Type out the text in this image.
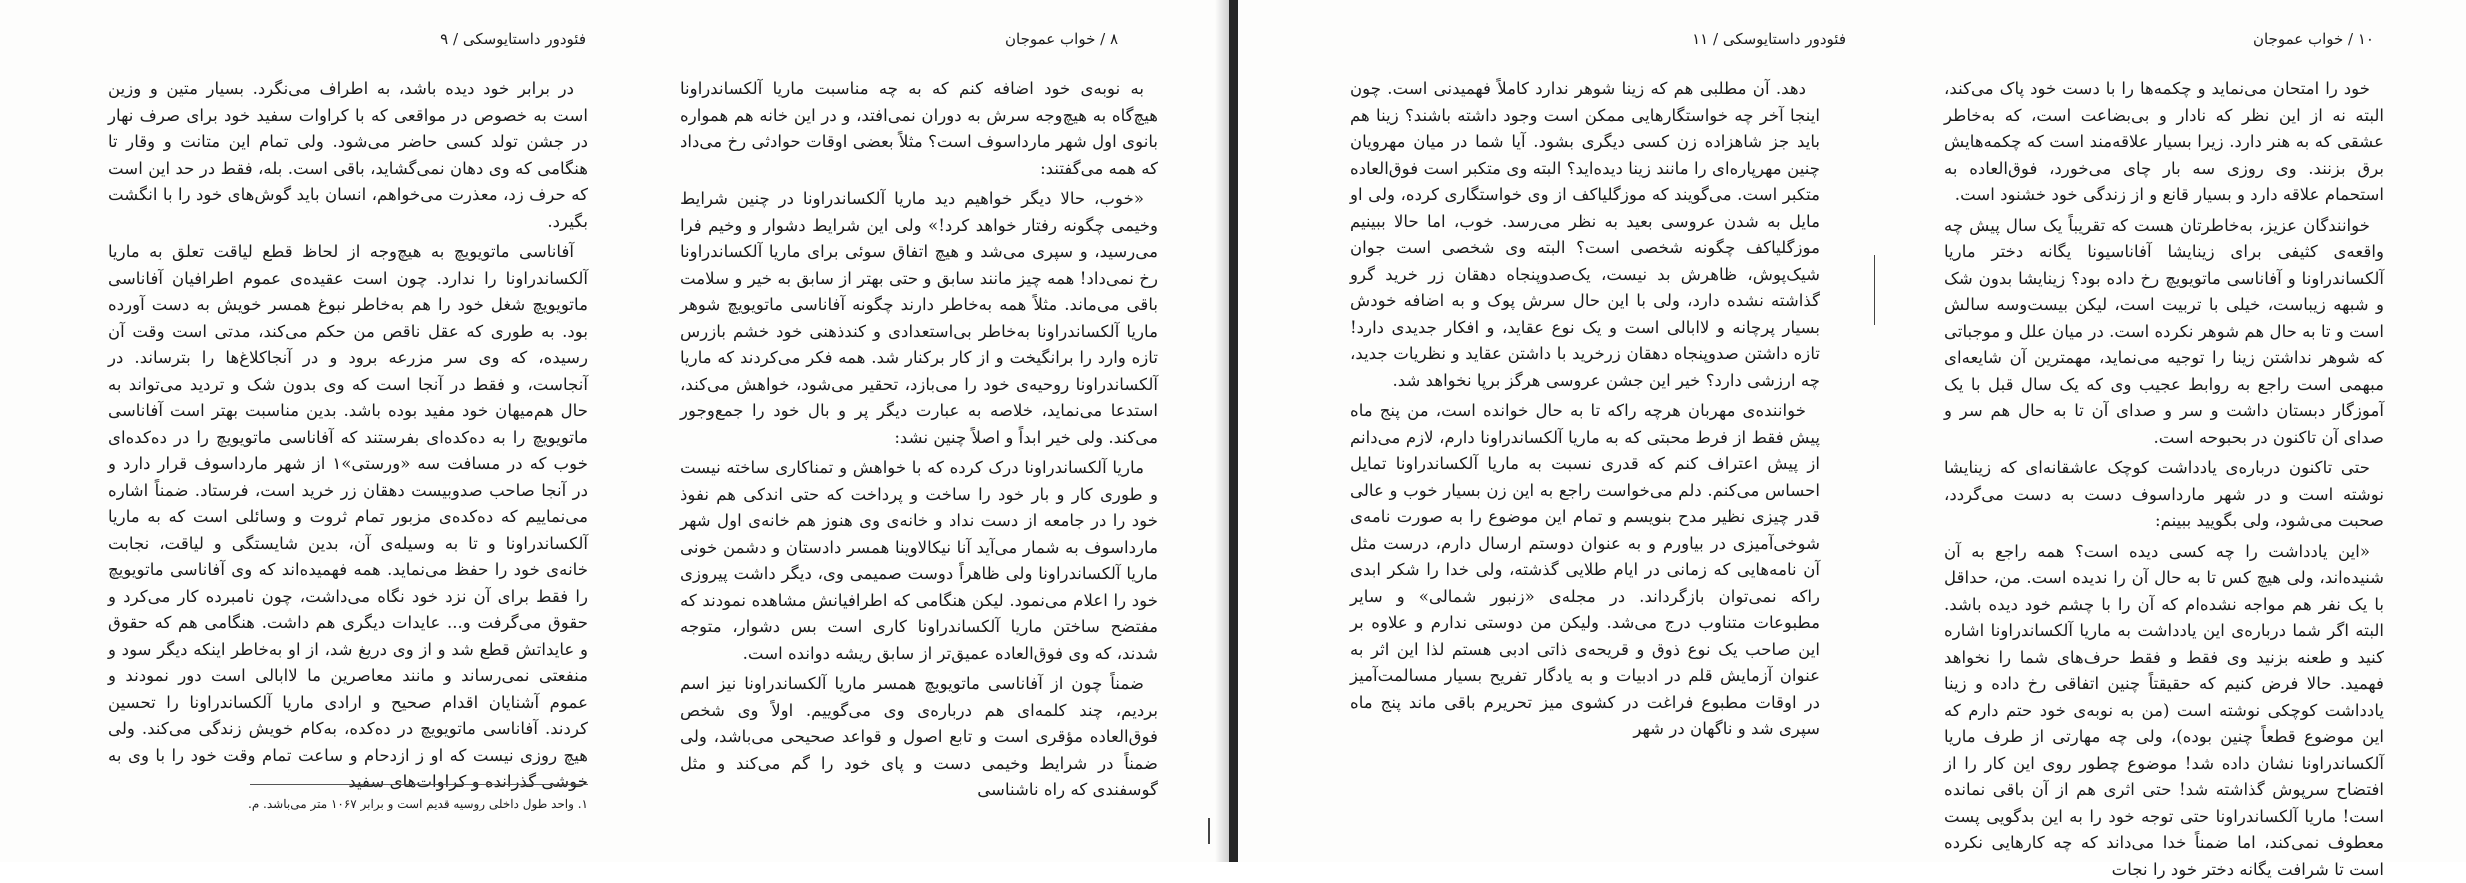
فئودور داستایوسکی / ۹

در برابر خود دیده باشد، به اطراف می‌نگرد. بسیار متین و وزین است به خصوص در مواقعی که با کراوات سفید خود برای صرف نهار در جشن تولد کسی حاضر می‌شود. ولی تمام این متانت و وقار تا هنگامی که وی دهان نمی‌گشاید، باقی است. بله، فقط در حد این است که حرف زد، معذرت می‌خواهم، انسان باید گوش‌های خود را با انگشت بگیرد.

آفاناسی ماتویویچ به هیچ‌وجه از لحاظ قطع لیاقت تعلق به ماریا آلکساندراونا را ندارد. چون است عقیده‌ی عموم اطرافیان آفاناسی ماتویویچ شغل خود را هم به‌خاطر نبوغ همسر خویش به دست آورده بود. به طوری که عقل ناقص من حکم می‌کند، مدتی است وقت آن رسیده، که وی سر مزرعه برود و در آنجاکلاغ‌ها را بترساند. در آنجاست، و فقط در آنجا است که وی بدون شک و تردید می‌تواند به حال هم‌میهان خود مفید بوده باشد. بدین مناسبت بهتر است آفاناسی ماتویویچ را به ده‌کده‌ای بفرستند که آفاناسی ماتویویچ را در ده‌کده‌ای خوب که در مسافت سه «ورستی»۱ از شهر مارداسوف قرار دارد و در آنجا صاحب صدوبیست دهقان زر خرید است، فرستاد. ضمناً اشاره می‌نماییم که ده‌کده‌ی مزبور تمام ثروت و وسائلی است که به ماریا آلکساندراونا و تا به وسیله‌ی آن، بدین شایستگی و لیاقت، نجابت خانه‌ی خود را حفظ می‌نماید. همه فهمیده‌اند که وی آفاناسی ماتویویچ را فقط برای آن نزد خود نگاه می‌داشت، چون نامبرده کار می‌کرد و حقوق می‌گرفت و... عایدات دیگری هم داشت. هنگامی هم که حقوق و عایداتش قطع شد و از وی دریغ شد، از او به‌خاطر اینکه دیگر سود و منفعتی نمی‌رساند و مانند معاصرین ما لاابالی است دور نمودند و عموم آشنایان اقدام صحیح و ارادی ماریا آلکساندراونا را تحسین کردند. آفاناسی ماتویویچ در ده‌کده، به‌کام خویش زندگی می‌کند. ولی هیچ روزی نیست که او ز ازدحام و ساعت تمام وقت خود را با وی به خوشی گذرانده و کراوات‌های سفید

۱. واحد طول داخلی روسیه قدیم است و برابر ۱۰۶۷ متر می‌باشد. م.
۸ / خواب عموجان

به نوبه‌ی خود اضافه کنم که به چه مناسبت ماریا آلکساندراونا هیچ‌گاه به هیچ‌وجه سرش به دوران نمی‌افتد، و در این خانه هم همواره بانوی اول شهر مارداسوف است؟ مثلاً بعضی اوقات حوادثی رخ می‌داد که همه می‌گفتند:

«خوب، حالا دیگر خواهیم دید ماریا آلکساندراونا در چنین شرایط وخیمی چگونه رفتار خواهد کرد!» ولی این شرایط دشوار و وخیم فرا می‌رسید، و سپری می‌شد و هیچ اتفاق سوئی برای ماریا آلکساندراونا رخ نمی‌داد! همه چیز مانند سابق و حتی بهتر از سابق به خیر و سلامت باقی می‌ماند. مثلاً همه به‌خاطر دارند چگونه آفاناسی ماتویویچ شوهر ماریا آلکساندراونا به‌خاطر بی‌استعدادی و کندذهنی خود خشم بازرس تازه وارد را برانگیخت و از کار برکنار شد. همه فکر می‌کردند که ماریا آلکساندراونا روحیه‌ی خود را می‌بازد، تحقیر می‌شود، خواهش می‌کند، استدعا می‌نماید، خلاصه به عبارت دیگر پر و بال خود را جمع‌وجور می‌کند. ولی خیر ابداً و اصلاً چنین نشد:

ماریا آلکساندراونا درک کرده که با خواهش و تمناکاری ساخته نیست و طوری کار و بار خود را ساخت و پرداخت که حتی اندکی هم نفوذ خود را در جامعه از دست نداد و خانه‌ی وی هنوز هم خانه‌ی اول شهر مارداسوف به شمار می‌آید آنا نیکالاوینا همسر دادستان و دشمن خونی ماریا آلکساندراونا ولی ظاهراً دوست صمیمی وی، دیگر داشت پیروزی خود را اعلام می‌نمود. لیکن هنگامی که اطرافیانش مشاهده نمودند که مفتضح ساختن ماریا آلکساندراونا کاری است بس دشوار، متوجه شدند، که وی فوق‌العاده عمیق‌تر از سابق ریشه دوانده است.

ضمناً چون از آفاناسی ماتویویچ همسر ماریا آلکساندراونا نیز اسم بردیم، چند کلمه‌ای هم درباره‌ی وی می‌گوییم. اولاً وی شخص فوق‌العاده مؤقری است و تابع اصول و قواعد صحیحی می‌باشد، ولی ضمناً در شرایط وخیمی دست و پای خود را گم می‌کند و مثل گوسفندی که راه ناشناسی

فئودور داستایوسکی / ۱۱

دهد. آن مطلبی هم که زینا شوهر ندارد کاملاً فهمیدنی است. چون اینجا آخر چه خواستگارهایی ممکن است وجود داشته باشند؟ زینا هم باید جز شاهزاده زن کسی دیگری بشود. آیا شما در میان مهرویان چنین مهرپاره‌ای را مانند زینا دیده‌اید؟ البته وی متکبر است فوق‌العاده متکبر است. می‌گویند که موزگلیاکف از وی خواستگاری کرده، ولی او مایل به شدن عروسی بعید به نظر می‌رسد. خوب، اما حالا ببینیم موزگلیاکف چگونه شخصی است؟ البته وی شخصی است جوان شیک‌پوش، ظاهرش بد نیست، یک‌صدوپنجاه دهقان زر خرید گرو گذاشته نشده دارد، ولی با این حال سرش پوک و به اضافه خودش بسیار پرچانه و لاابالی است و یک نوع عقاید، و افکار جدیدی دارد! تازه داشتن صدوپنجاه دهقان زرخرید با داشتن عقاید و نظریات جدید، چه ارزشی دارد؟ خیر این جشن عروسی هرگز برپا نخواهد شد.

خواننده‌ی مهربان هرچه راکه تا به حال خوانده است، من پنج ماه پیش فقط از فرط محبتی که به ماریا آلکساندراونا دارم، لازم می‌دانم از پیش اعتراف کنم که قدری نسبت به ماریا آلکساندراونا تمایل احساس می‌کنم. دلم می‌خواست راجع به این زن بسیار خوب و عالی قدر چیزی نظیر مدح بنویسم و تمام این موضوع را به صورت نامه‌ی شوخی‌آمیزی در بیاورم و به عنوان دوستم ارسال دارم، درست مثل آن نامه‌هایی که زمانی در ایام طلایی گذشته، ولی خدا را شکر ابدی راکه نمی‌توان بازگرداند. در مجله‌ی «زنبور شمالی» و سایر مطبوعات متناوب درج می‌شد. ولیکن من دوستی ندارم و علاوه بر این صاحب یک نوع ذوق و قریحه‌ی ذاتی ادبی هستم لذا این اثر به عنوان آزمایش قلم در ادبیات و به یادگار تفریح بسیار مسالمت‌آمیز در اوقات مطبوع فراغت در کشوی میز تحریرم باقی ماند پنج ماه سپری شد و ناگهان در شهر

۱۰ / خواب عموجان

خود را امتحان می‌نماید و چکمه‌ها را با دست خود پاک می‌کند، البته نه از این نظر که نادار و بی‌بضاعت است، که به‌خاطر عشقی که به هنر دارد. زیرا بسیار علاقه‌مند است که چکمه‌هایش برق بزنند. وی روزی سه بار چای می‌خورد، فوق‌العاده به استحمام علاقه دارد و بسیار قانع و از زندگی خود خشنود است.

خوانندگان عزیز، به‌خاطرتان هست که تقریباً یک سال پیش چه واقعه‌ی کثیفی برای زینایشا آفاناسیونا یگانه دختر ماریا آلکساندراونا و آفاناسی ماتویویچ رخ داده بود؟ زینایشا بدون شک و شبهه زیباست، خیلی با تربیت است، لیکن بیست‌وسه سالش است و تا به حال هم شوهر نکرده است. در میان علل و موجباتی که شوهر نداشتن زینا را توجیه می‌نماید، مهمترین آن شایعه‌ای مبهمی است راجع به روابط عجیب وی که یک سال قبل با یک آموزگار دبستان داشت و سر و صدای آن تا به حال هم سر و صدای آن تاکنون در بحبوحه است.

حتی تاکنون درباره‌ی یادداشت کوچک عاشقانه‌ای که زینایشا نوشته است و در شهر مارداسوف دست به دست می‌گردد، صحبت می‌شود، ولی بگویید ببینم:

«این یادداشت را چه کسی دیده است؟ همه راجع به آن شنیده‌اند، ولی هیچ کس تا به حال آن را ندیده است. من، حداقل با یک نفر هم مواجه نشده‌ام که آن را با چشم خود دیده باشد. البته اگر شما درباره‌ی این یادداشت به ماریا آلکساندراونا اشاره کنید و طعنه بزنید وی فقط و فقط حرف‌های شما را نخواهد فهمید. حالا فرض کنیم که حقیقتاً چنین اتفاقی رخ داده و زینا یادداشت کوچکی نوشته است (من به نوبه‌ی خود حتم ‌دارم که این موضوع قطعاً چنین بوده)، ولی چه مهارتی از طرف ماریا آلکساندراونا نشان داده شد! موضوع چطور روی این کار را از افتضاح سرپوش گذاشته شد! حتی اثری هم از آن باقی نمانده است! ماریا آلکساندراونا حتی توجه خود را به این بدگویی پست معطوف نمی‌کند، اما ضمناً خدا می‌داند که چه کارهایی نکرده است تا شرافت یگانه دختر خود را نجات
